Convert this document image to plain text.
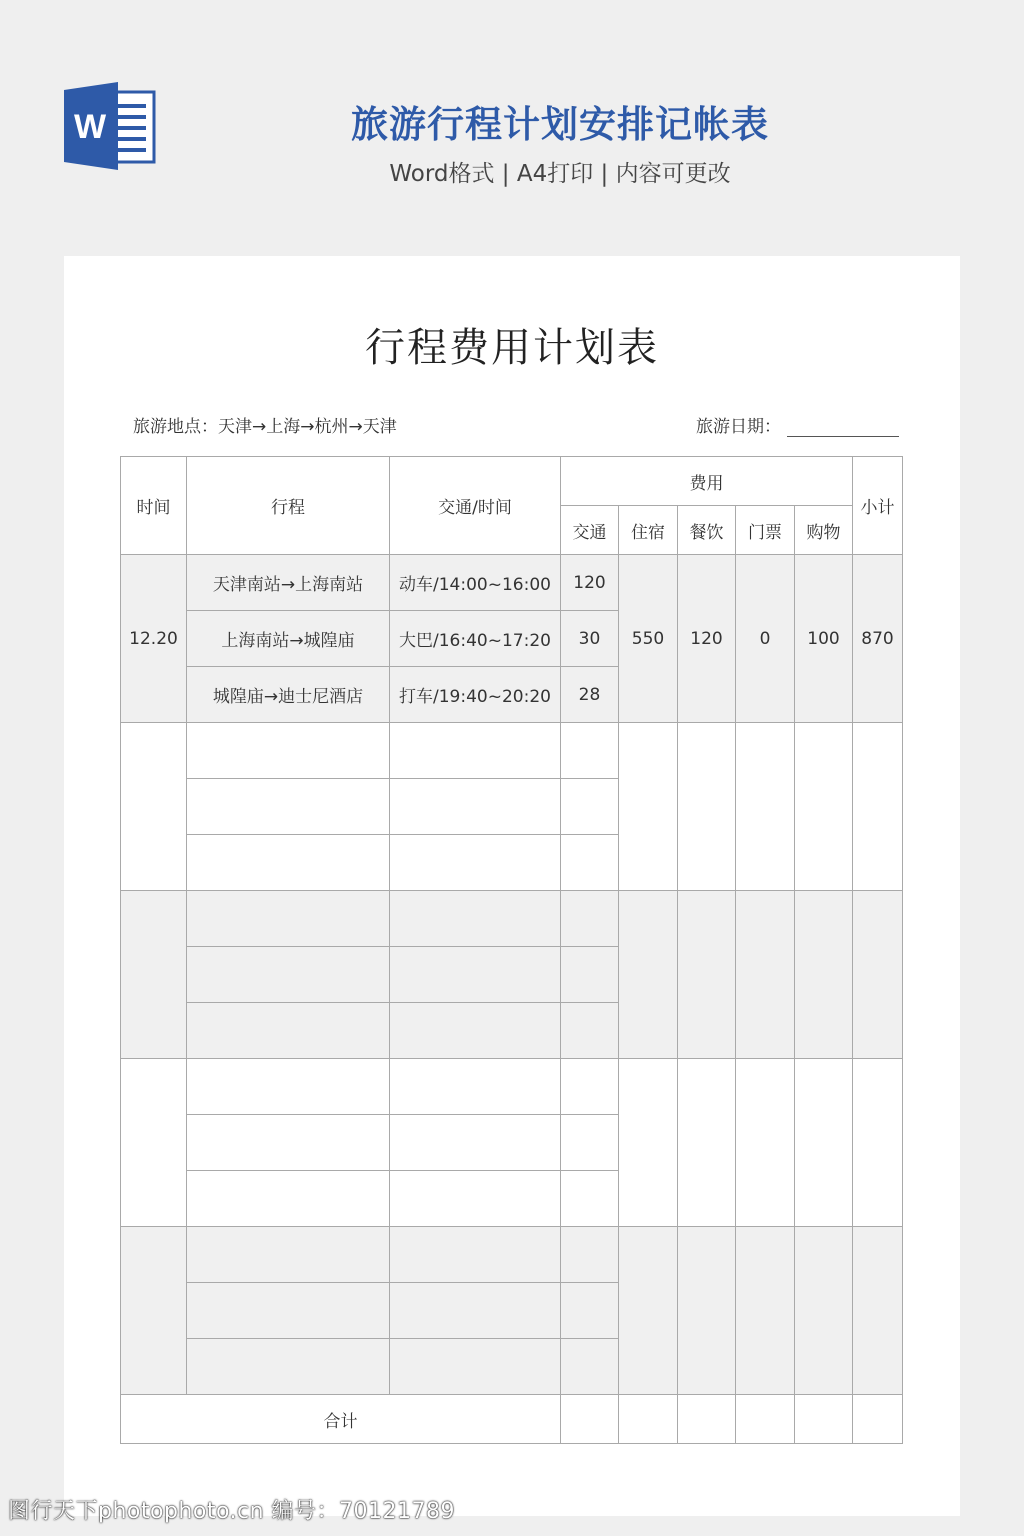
W	旅游行程计划安排记帐表
Word格式 | A4打印 | 内容可更改
行程费用计划表
旅游地点：天津→上海→杭州→天津	旅游日期：
时间	行程	交通/时间	费用					小计
			交通	住宿	餐饮	门票	购物	
12.20	天津南站→上海南站	动车/14:00~16:00	120	550	120	0	100	870
	上海南站→城隍庙	大巴/16:40~17:20	30					
	城隍庙→迪士尼酒店	打车/19:40~20:20	28					

合计								
图行天下photophoto.cn 编号：70121789
